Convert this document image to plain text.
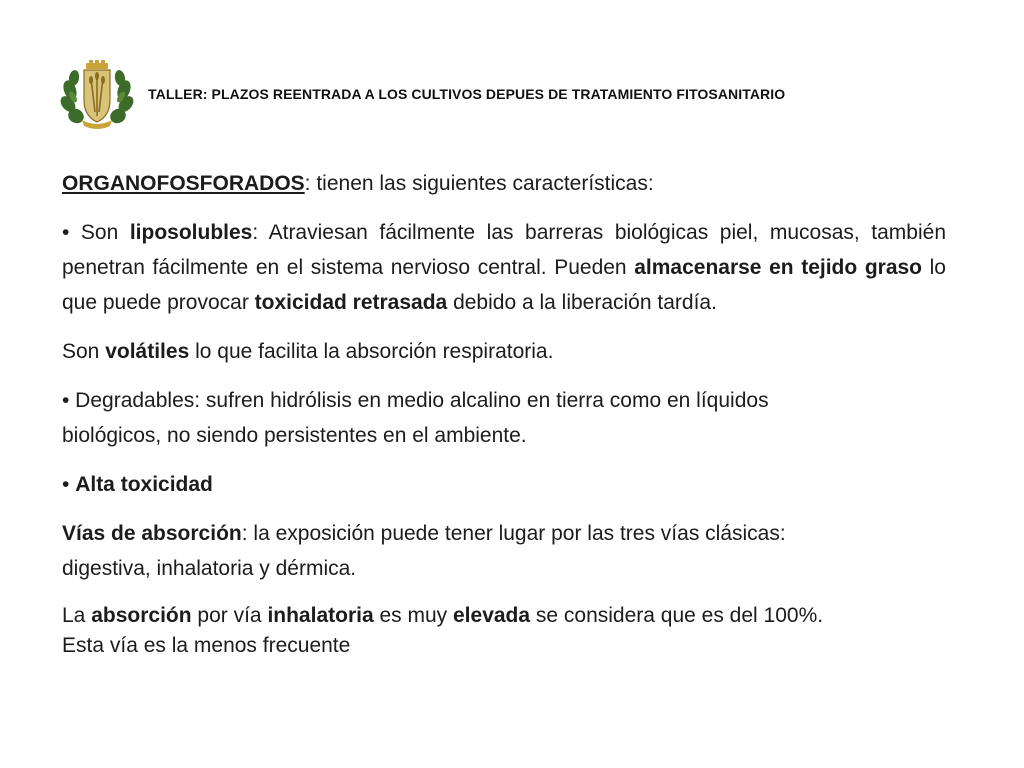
TALLER: PLAZOS REENTRADA A LOS CULTIVOS DEPUES DE TRATAMIENTO FITOSANITARIO

ORGANOFOSFORADOS: tienen las siguientes características:

• Son liposolubles: Atraviesan fácilmente las barreras biológicas piel, mucosas, también penetran fácilmente en el sistema nervioso central. Pueden almacenarse en tejido graso lo que puede provocar toxicidad retrasada debido a la liberación tardía.

Son volátiles lo que facilita la absorción respiratoria.

• Degradables: sufren hidrólisis en medio alcalino en tierra como en líquidos biológicos, no siendo persistentes en el ambiente.

• Alta toxicidad

Vías de absorción: la exposición puede tener lugar por las tres vías clásicas: digestiva, inhalatoria y dérmica.

La absorción por vía inhalatoria es muy elevada se considera que es del 100%.
Esta vía es la menos frecuente
